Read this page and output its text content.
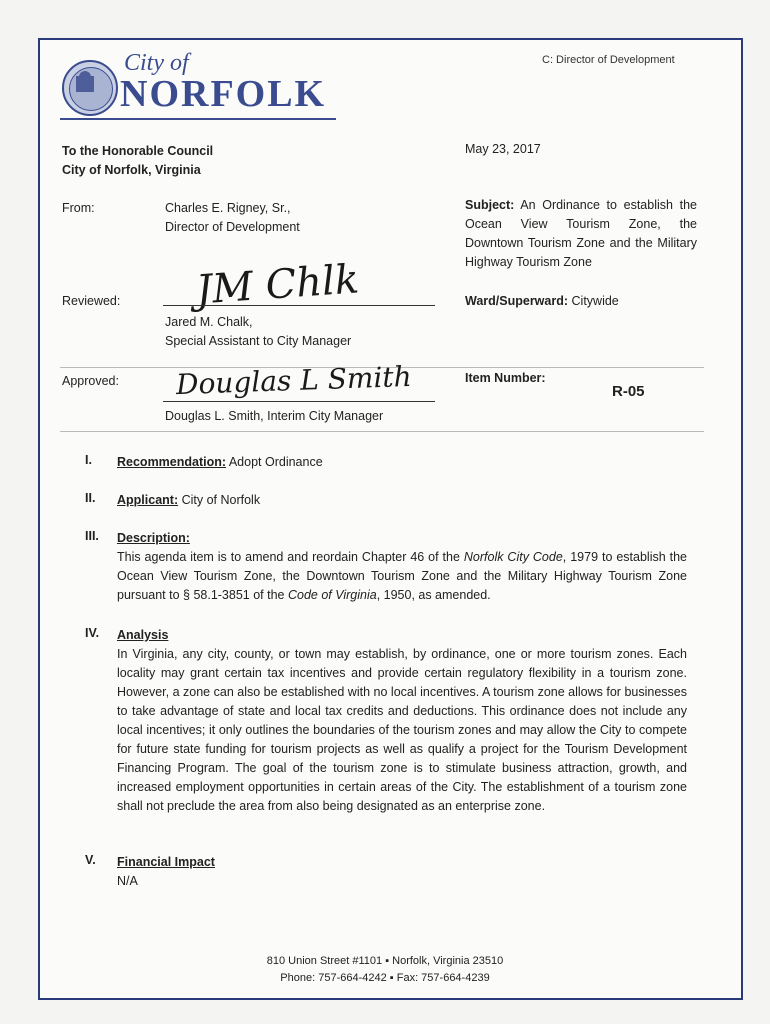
City of
NORFOLK
C: Director of Development
To the Honorable Council
City of Norfolk, Virginia
May 23, 2017
From:	Charles E. Rigney, Sr.,
Director of Development
Subject: An Ordinance to establish the Ocean View Tourism Zone, the Downtown Tourism Zone and the Military Highway Tourism Zone
JM Chlk
Reviewed:
Jared M. Chalk,
Special Assistant to City Manager
Ward/Superward: Citywide
Douglas L Smith
Approved:
Douglas L. Smith, Interim City Manager
Item Number:
R-05
I. Recommendation: Adopt Ordinance
II. Applicant: City of Norfolk
III. Description:

This agenda item is to amend and reordain Chapter 46 of the Norfolk City Code, 1979 to establish the Ocean View Tourism Zone, the Downtown Tourism Zone and the Military Highway Tourism Zone pursuant to § 58.1-3851 of the Code of Virginia, 1950, as amended.

IV. Analysis

In Virginia, any city, county, or town may establish, by ordinance, one or more tourism zones. Each locality may grant certain tax incentives and provide certain regulatory flexibility in a tourism zone. However, a zone can also be established with no local incentives. A tourism zone allows for businesses to take advantage of state and local tax credits and deductions. This ordinance does not include any local incentives; it only outlines the boundaries of the tourism zones and may allow the City to compete for future state funding for tourism projects as well as qualify a project for the Tourism Development Financing Program. The goal of the tourism zone is to stimulate business attraction, growth, and increased employment opportunities in certain areas of the City. The establishment of a tourism zone shall not preclude the area from also being designated as an enterprise zone.

V. Financial Impact
N/A
810 Union Street #1101 ▪ Norfolk, Virginia 23510
Phone: 757-664-4242 ▪ Fax: 757-664-4239
